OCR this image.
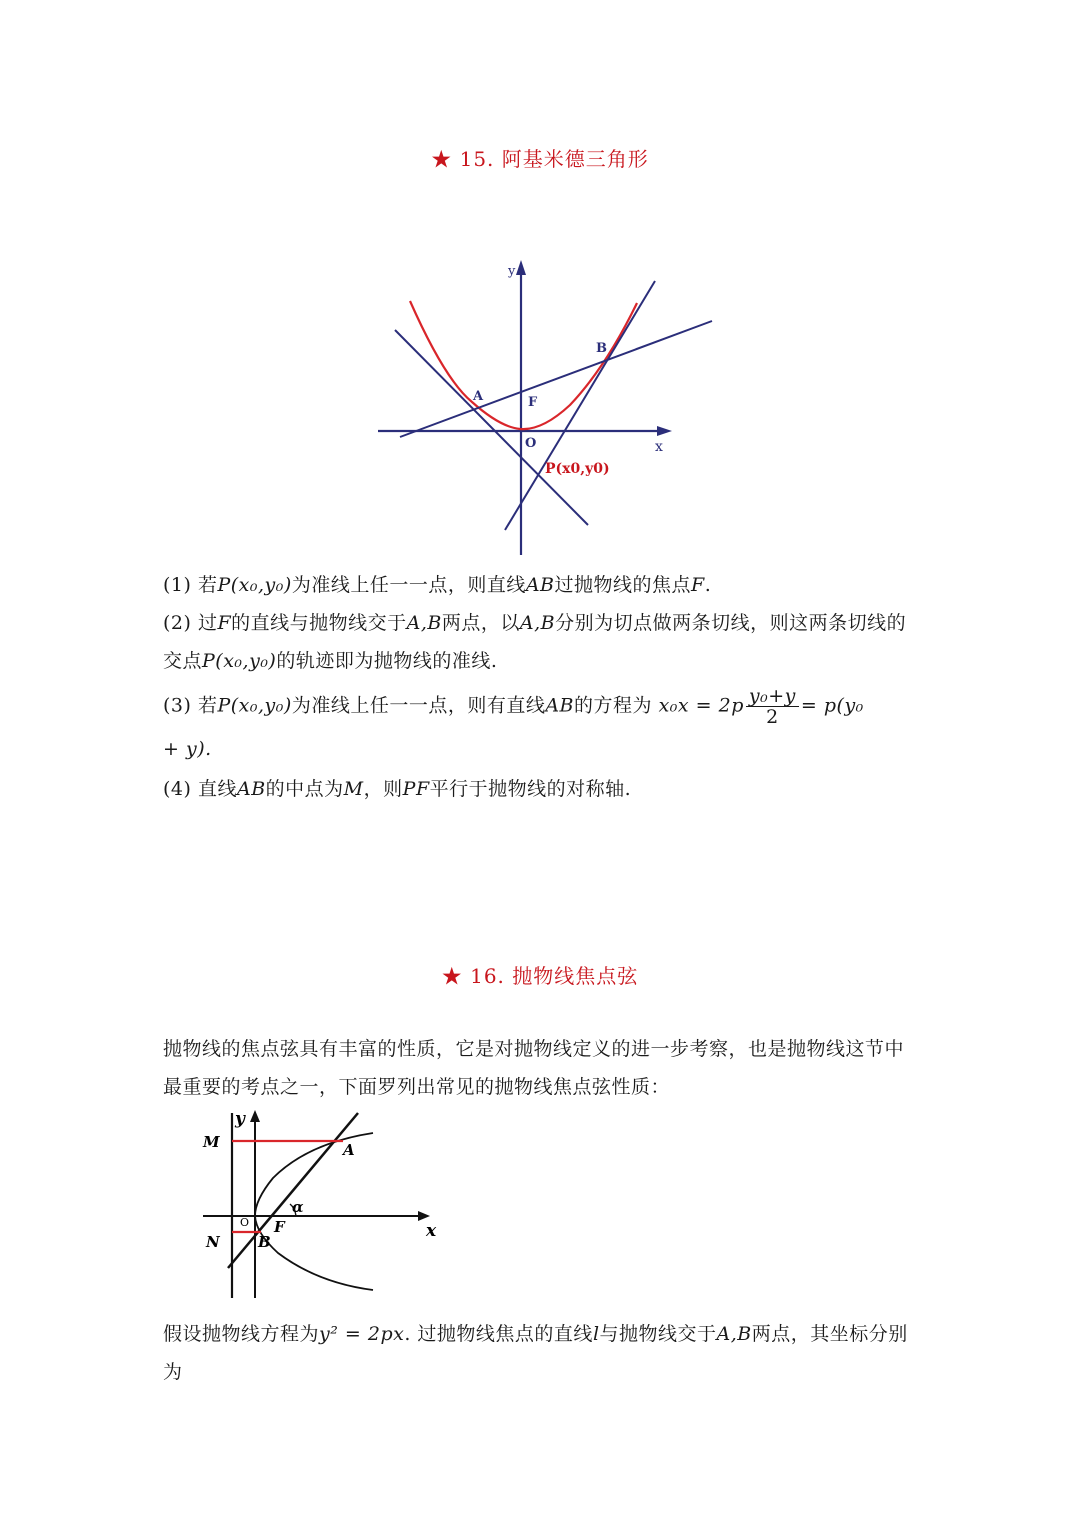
★ 15. 阿基米德三角形
y
x
A
B
F
O
P(x0,y0)
(1) 若P(x₀,y₀)为准线上任一一点，则直线AB过抛物线的焦点F.
(2) 过F的直线与抛物线交于A,B两点，以A,B分别为切点做两条切线，则这两条切线的交点P(x₀,y₀)的轨迹即为抛物线的准线.
(3) 若P(x₀,y₀)为准线上任一一点，则有直线AB的方程为 $x_0x = 2p \frac{\text{y₀+y}}{2} = p(y_0$
+ y).
(4) 直线AB的中点为M，则PF平行于抛物线的对称轴.
★ 16. 抛物线焦点弦
抛物线的焦点弦具有丰富的性质，它是对抛物线定义的进一步考察，也是抛物线这节中最重要的考点之一，下面罗列出常见的抛物线焦点弦性质：
y
x
M
N
A
B
O F
α
假设抛物线方程为y² = 2px. 过抛物线焦点的直线l与抛物线交于A,B两点，其坐标分别为
